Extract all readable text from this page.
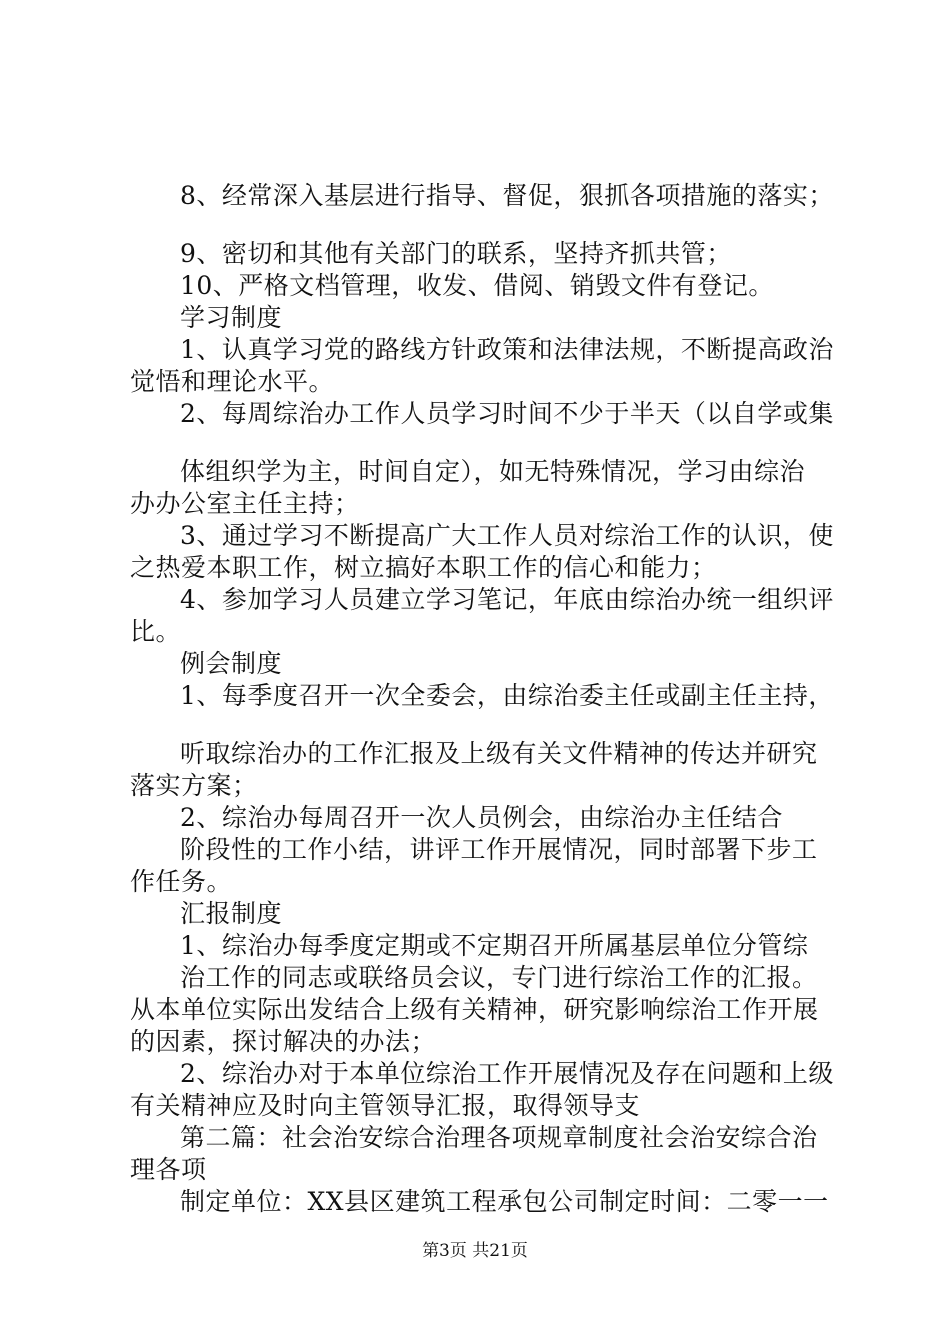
8、经常深入基层进行指导、督促，狠抓各项措施的落实；
9、密切和其他有关部门的联系，坚持齐抓共管；
10、严格文档管理，收发、借阅、销毁文件有登记。
学习制度
1、认真学习党的路线方针政策和法律法规，不断提高政治
觉悟和理论水平。
2、每周综治办工作人员学习时间不少于半天（以自学或集
体组织学为主，时间自定），如无特殊情况，学习由综治
办办公室主任主持；
3、通过学习不断提高广大工作人员对综治工作的认识，使
之热爱本职工作，树立搞好本职工作的信心和能力；
4、参加学习人员建立学习笔记，年底由综治办统一组织评
比。
例会制度
1、每季度召开一次全委会，由综治委主任或副主任主持，
听取综治办的工作汇报及上级有关文件精神的传达并研究
落实方案；
2、综治办每周召开一次人员例会，由综治办主任结合
阶段性的工作小结，讲评工作开展情况，同时部署下步工
作任务。
汇报制度
1、综治办每季度定期或不定期召开所属基层单位分管综
治工作的同志或联络员会议，专门进行综治工作的汇报。
从本单位实际出发结合上级有关精神，研究影响综治工作开展
的因素，探讨解决的办法；
2、综治办对于本单位综治工作开展情况及存在问题和上级
有关精神应及时向主管领导汇报，取得领导支
第二篇：社会治安综合治理各项规章制度社会治安综合治
理各项
制定单位：XX县区建筑工程承包公司制定时间：二零一一
第3页 共21页
